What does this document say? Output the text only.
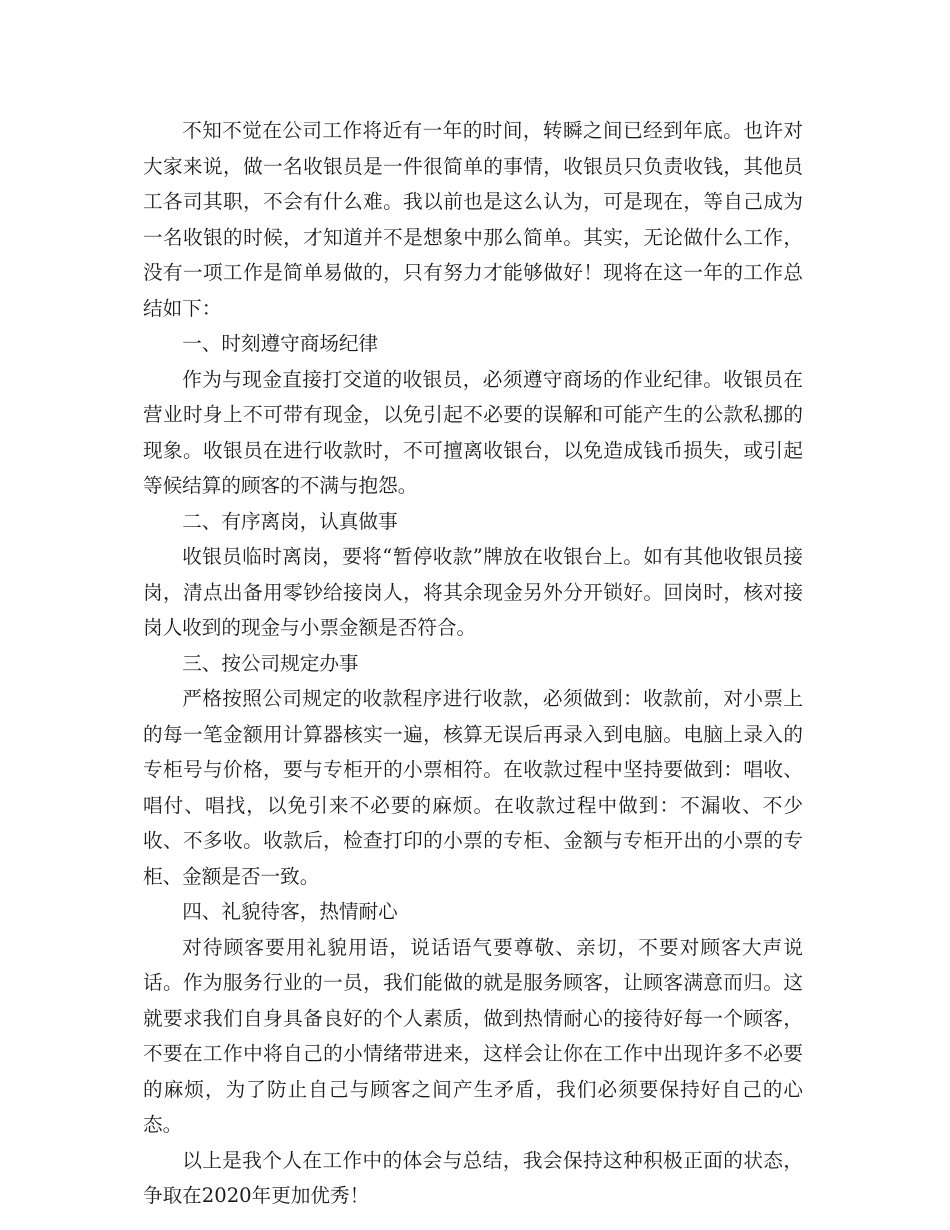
不知不觉在公司工作将近有一年的时间，转瞬之间已经到年底。也许对大家来说，做一名收银员是一件很简单的事情，收银员只负责收钱，其他员工各司其职，不会有什么难。我以前也是这么认为，可是现在，等自己成为一名收银的时候，才知道并不是想象中那么简单。其实，无论做什么工作，没有一项工作是简单易做的，只有努力才能够做好！现将在这一年的工作总结如下：

一、时刻遵守商场纪律

作为与现金直接打交道的收银员，必须遵守商场的作业纪律。收银员在营业时身上不可带有现金，以免引起不必要的误解和可能产生的公款私挪的现象。收银员在进行收款时，不可擅离收银台，以免造成钱币损失，或引起等候结算的顾客的不满与抱怨。

二、有序离岗，认真做事

收银员临时离岗，要将“暂停收款”牌放在收银台上。如有其他收银员接岗，清点出备用零钞给接岗人，将其余现金另外分开锁好。回岗时，核对接岗人收到的现金与小票金额是否符合。

三、按公司规定办事

严格按照公司规定的收款程序进行收款，必须做到：收款前，对小票上的每一笔金额用计算器核实一遍，核算无误后再录入到电脑。电脑上录入的专柜号与价格，要与专柜开的小票相符。在收款过程中坚持要做到：唱收、唱付、唱找，以免引来不必要的麻烦。在收款过程中做到：不漏收、不少收、不多收。收款后，检查打印的小票的专柜、金额与专柜开出的小票的专柜、金额是否一致。

四、礼貌待客，热情耐心

对待顾客要用礼貌用语，说话语气要尊敬、亲切，不要对顾客大声说话。作为服务行业的一员，我们能做的就是服务顾客，让顾客满意而归。这就要求我们自身具备良好的个人素质，做到热情耐心的接待好每一个顾客，不要在工作中将自己的小情绪带进来，这样会让你在工作中出现许多不必要的麻烦，为了防止自己与顾客之间产生矛盾，我们必须要保持好自己的心态。

以上是我个人在工作中的体会与总结，我会保持这种积极正面的状态，争取在2020年更加优秀！
